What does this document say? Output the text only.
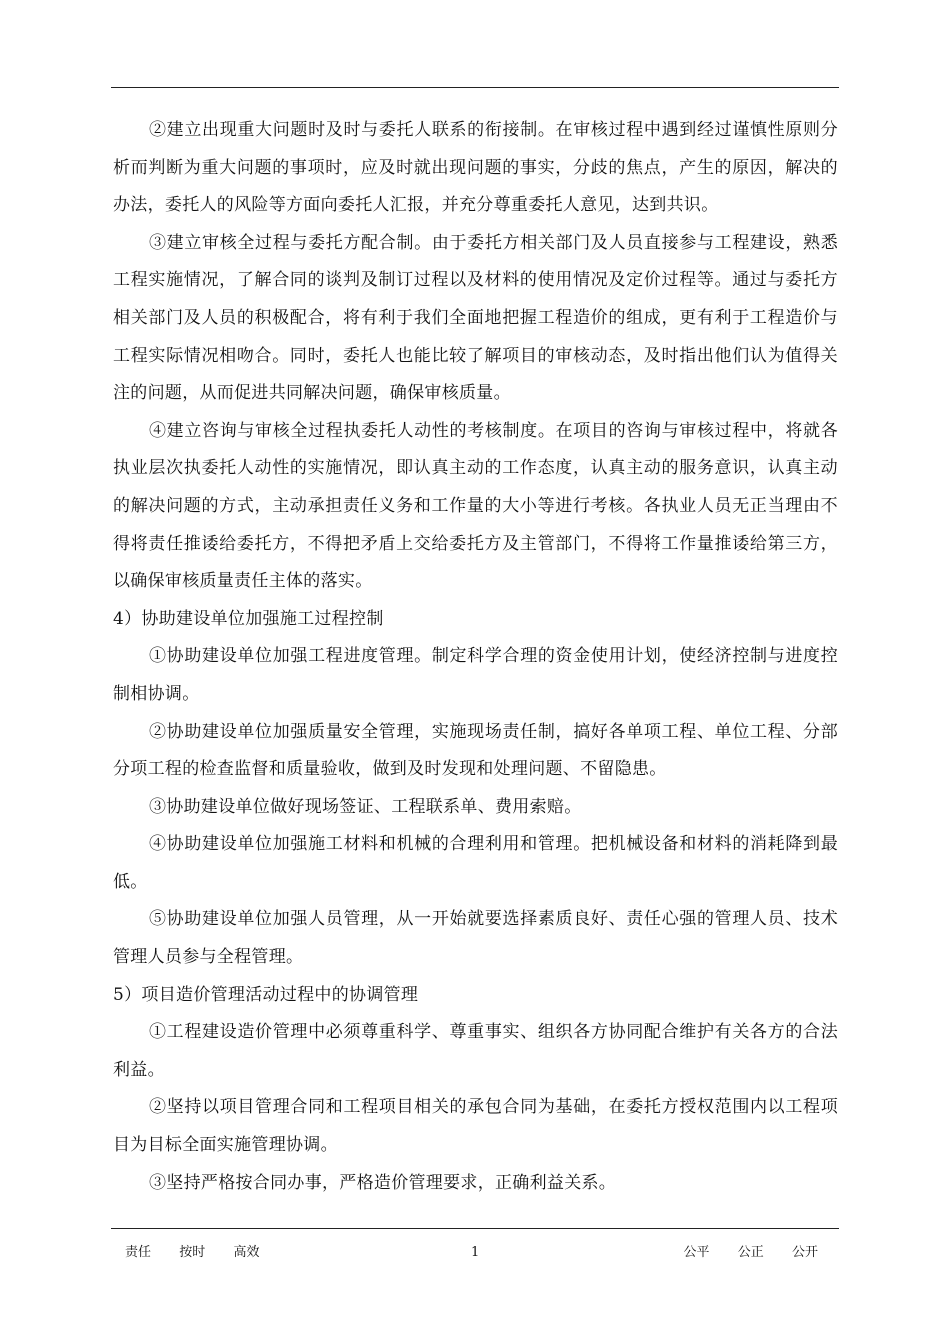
②建立出现重大问题时及时与委托人联系的衔接制。在审核过程中遇到经过谨慎性原则分析而判断为重大问题的事项时，应及时就出现问题的事实，分歧的焦点，产生的原因，解决的办法，委托人的风险等方面向委托人汇报，并充分尊重委托人意见，达到共识。

③建立审核全过程与委托方配合制。由于委托方相关部门及人员直接参与工程建设，熟悉工程实施情况，了解合同的谈判及制订过程以及材料的使用情况及定价过程等。通过与委托方相关部门及人员的积极配合，将有利于我们全面地把握工程造价的组成，更有利于工程造价与工程实际情况相吻合。同时，委托人也能比较了解项目的审核动态，及时指出他们认为值得关注的问题，从而促进共同解决问题，确保审核质量。

④建立咨询与审核全过程执委托人动性的考核制度。在项目的咨询与审核过程中，将就各执业层次执委托人动性的实施情况，即认真主动的工作态度，认真主动的服务意识，认真主动的解决问题的方式，主动承担责任义务和工作量的大小等进行考核。各执业人员无正当理由不得将责任推诿给委托方，不得把矛盾上交给委托方及主管部门，不得将工作量推诿给第三方，以确保审核质量责任主体的落实。

4）协助建设单位加强施工过程控制

①协助建设单位加强工程进度管理。制定科学合理的资金使用计划，使经济控制与进度控制相协调。

②协助建设单位加强质量安全管理，实施现场责任制，搞好各单项工程、单位工程、分部分项工程的检查监督和质量验收，做到及时发现和处理问题、不留隐患。

③协助建设单位做好现场签证、工程联系单、费用索赔。

④协助建设单位加强施工材料和机械的合理利用和管理。把机械设备和材料的消耗降到最低。

⑤协助建设单位加强人员管理，从一开始就要选择素质良好、责任心强的管理人员、技术管理人员参与全程管理。

5）项目造价管理活动过程中的协调管理

①工程建设造价管理中必须尊重科学、尊重事实、组织各方协同配合维护有关各方的合法利益。

②坚持以项目管理合同和工程项目相关的承包合同为基础，在委托方授权范围内以工程项目为目标全面实施管理协调。

③坚持严格按合同办事，严格造价管理要求，正确利益关系。

责任  按时  高效	1	公平  公正  公开
